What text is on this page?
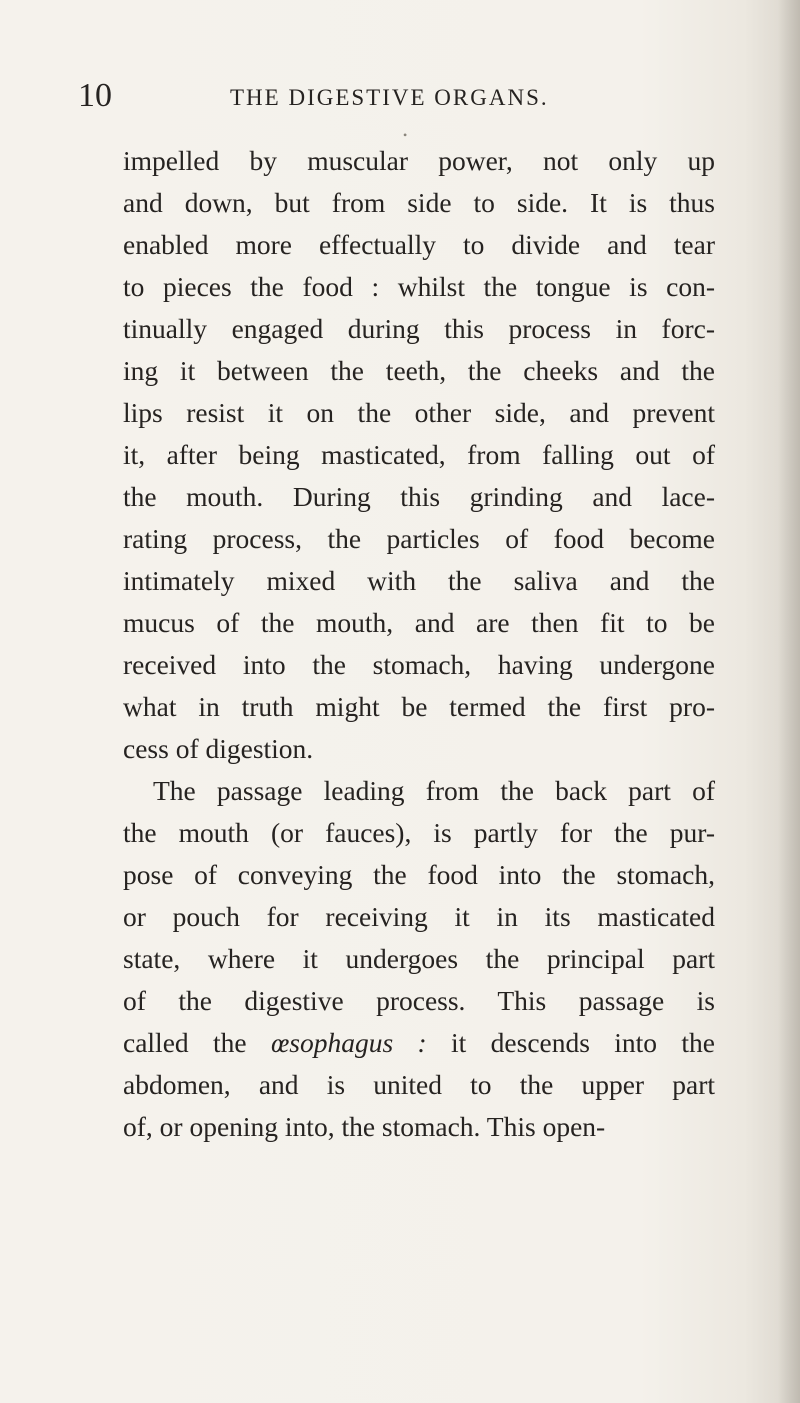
10	THE DIGESTIVE ORGANS.
•
impelled by muscular power, not only up
and down, but from side to side. It is thus
enabled more effectually to divide and tear
to pieces the food : whilst the tongue is con-
tinually engaged during this process in forc-
ing it between the teeth, the cheeks and the
lips resist it on the other side, and prevent
it, after being masticated, from falling out of
the mouth. During this grinding and lace-
rating process, the particles of food become
intimately mixed with the saliva and the
mucus of the mouth, and are then fit to be
received into the stomach, having undergone
what in truth might be termed the first pro-
cess of digestion.
The passage leading from the back part of
the mouth (or fauces), is partly for the pur-
pose of conveying the food into the stomach,
or pouch for receiving it in its masticated
state, where it undergoes the principal part
of the digestive process. This passage is
called the œsophagus : it descends into the
abdomen, and is united to the upper part
of, or opening into, the stomach. This open-
